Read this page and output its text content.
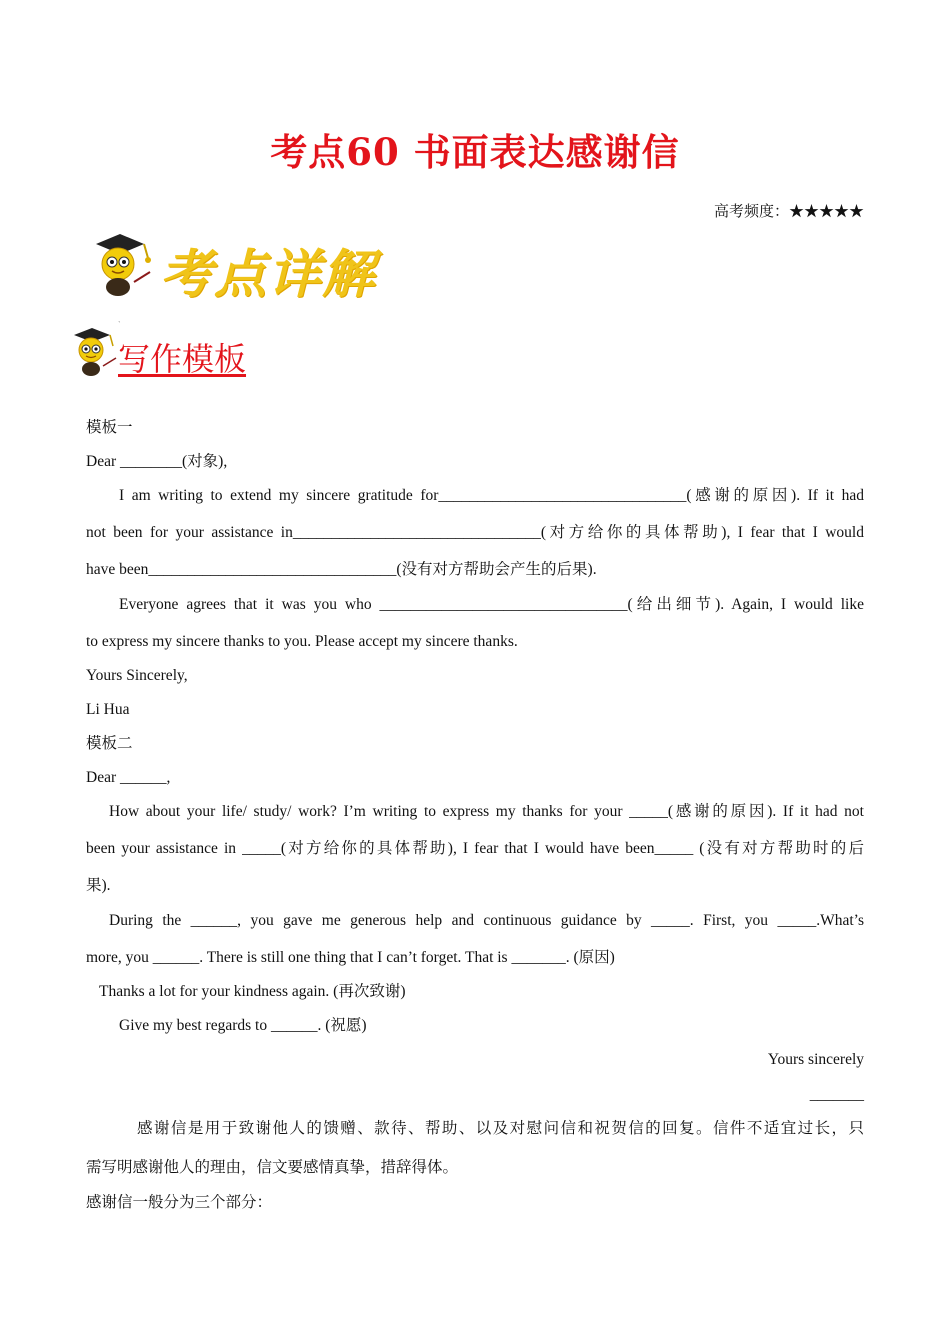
考点60 书面表达感谢信
高考频度：★★★★★
考点详解
`
写作模板
模板一
Dear ________(对象),
I am writing to extend my sincere gratitude for________________________________(感谢的原因). If it had
not been for your assistance in________________________________(对方给你的具体帮助), I fear that I would
have been________________________________(没有对方帮助会产生的后果).
Everyone agrees that it was you who ________________________________(给出细节). Again, I would like
to express my sincere thanks to you. Please accept my sincere thanks.
Yours Sincerely,
Li Hua
模板二
Dear ______,
How about your life/ study/ work? I’m writing to express my thanks for your _____(感谢的原因). If it had not
been your assistance in _____(对方给你的具体帮助), I fear that I would have been_____ (没有对方帮助时的后
果).
During the ______, you gave me generous help and continuous guidance by _____. First, you _____.What’s
more, you ______. There is still one thing that I can’t forget. That is _______. (原因)
Thanks a lot for your kindness again. (再次致谢)
Give my best regards to ______. (祝愿)
Yours sincerely
_______
感谢信是用于致谢他人的馈赠、款待、帮助、以及对慰问信和祝贺信的回复。信件不适宜过长，只
需写明感谢他人的理由，信文要感情真挚，措辞得体。
感谢信一般分为三个部分：
